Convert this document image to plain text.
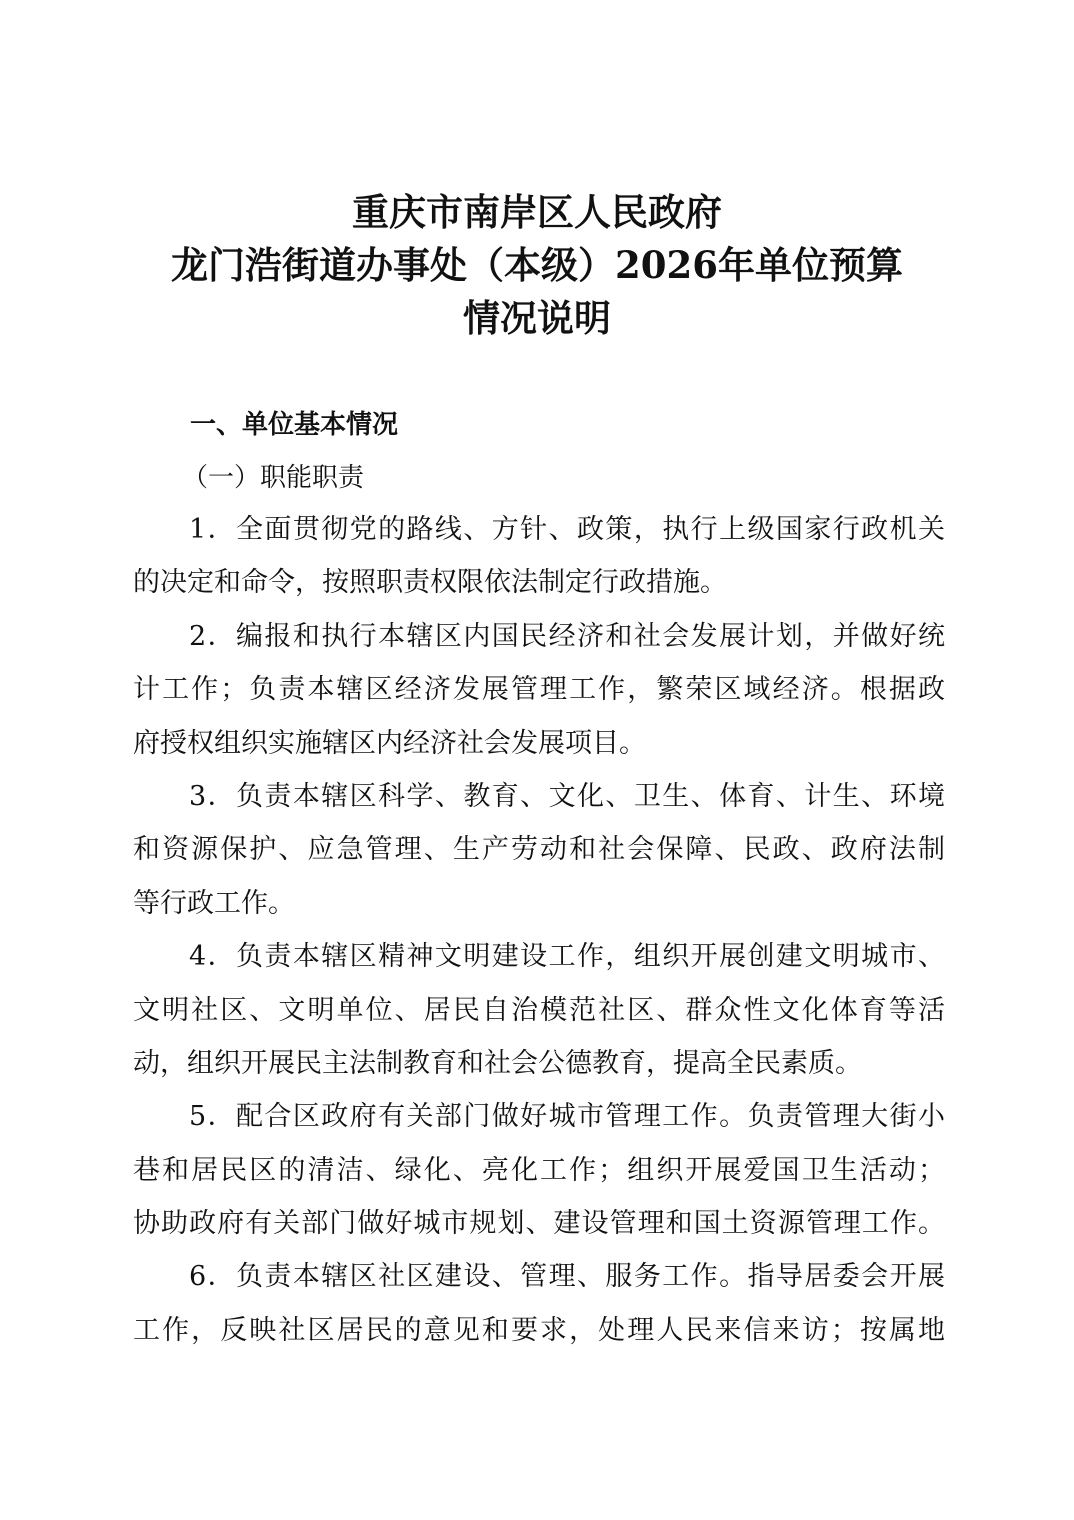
重庆市南岸区人民政府
龙门浩街道办事处（本级）2026年单位预算
情况说明
一、单位基本情况
（一）职能职责
1．全面贯彻党的路线、方针、政策，执行上级国家行政机关
的决定和命令，按照职责权限依法制定行政措施。
2．编报和执行本辖区内国民经济和社会发展计划，并做好统
计工作；负责本辖区经济发展管理工作，繁荣区域经济。根据政
府授权组织实施辖区内经济社会发展项目。
3．负责本辖区科学、教育、文化、卫生、体育、计生、环境
和资源保护、应急管理、生产劳动和社会保障、民政、政府法制
等行政工作。
4．负责本辖区精神文明建设工作，组织开展创建文明城市、
文明社区、文明单位、居民自治模范社区、群众性文化体育等活
动，组织开展民主法制教育和社会公德教育，提高全民素质。
5．配合区政府有关部门做好城市管理工作。负责管理大街小
巷和居民区的清洁、绿化、亮化工作；组织开展爱国卫生活动；
协助政府有关部门做好城市规划、建设管理和国土资源管理工作。
6．负责本辖区社区建设、管理、服务工作。指导居委会开展
工作，反映社区居民的意见和要求，处理人民来信来访；按属地
